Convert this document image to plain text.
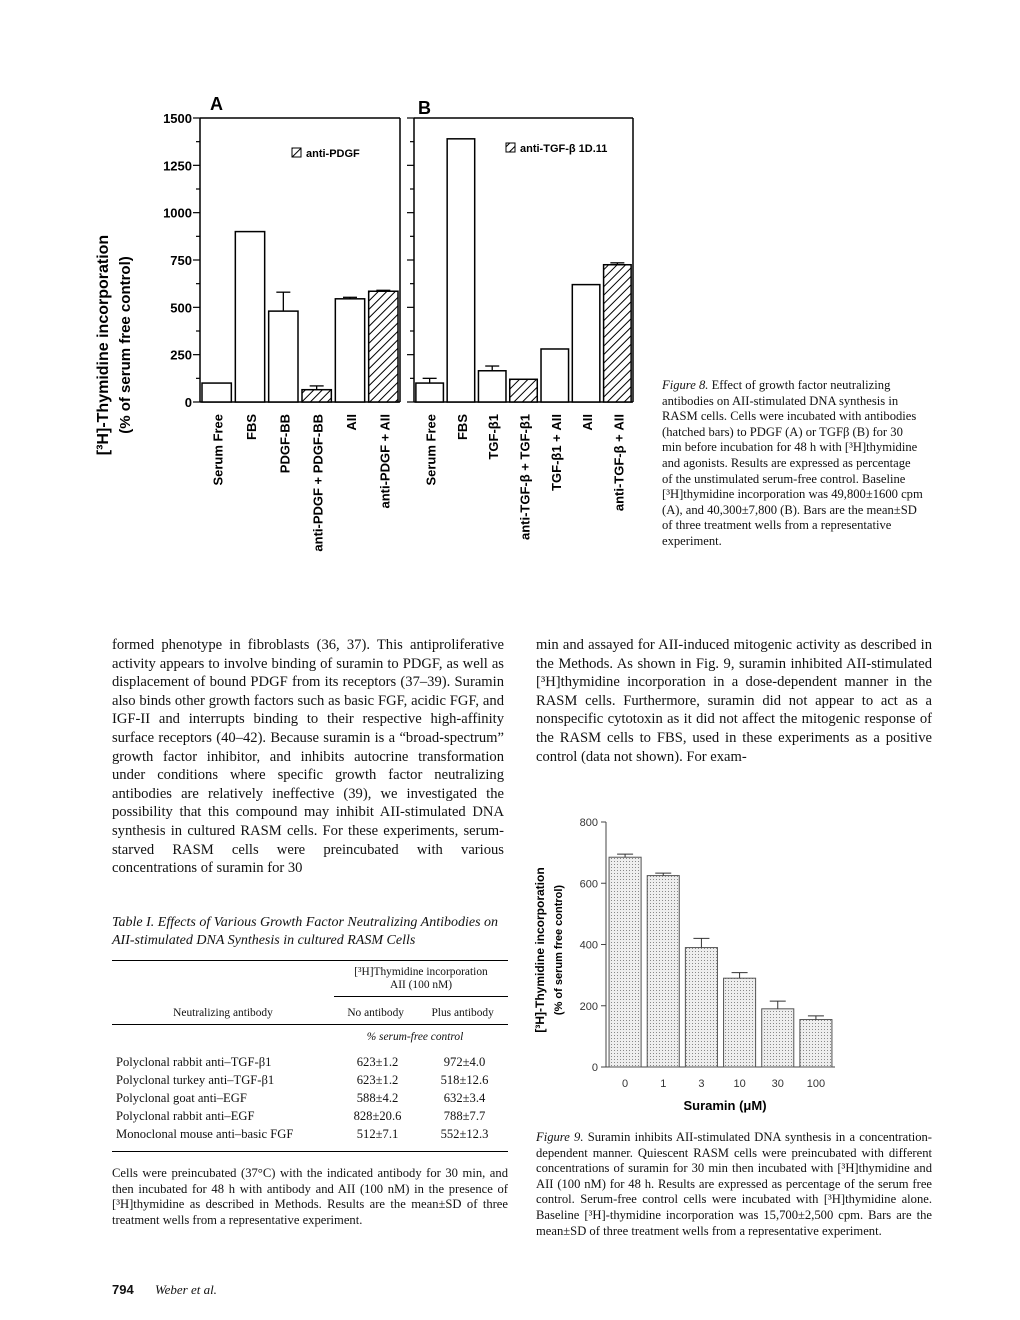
[³H]-Thymidine incorporation (% of serum free control)	0
250
500
750
1000
1250
1500
A	B
Serum Free FBS PDGF-BB anti-PDGF + PDGF-BB AII anti-PDGF + AII Serum Free FBS TGF-β1 anti-TGF-β + TGF-β1 TGF-β1 + AII AII anti-TGF-β + AII
anti-PDGF	anti-TGF-β 1D.11
Figure 8. Effect of growth factor neutralizing antibodies on AII-stimulated DNA synthesis in RASM cells. Cells were incubated with antibodies (hatched bars) to PDGF (A) or TGFβ (B) for 30 min before incubation for 48 h with [³H]thymidine and agonists. Results are expressed as percentage of the unstimulated serum-free control. Baseline [³H]thymidine incorporation was 49,800±1600 cpm (A), and 40,300±7,800 (B). Bars are the mean±SD of three treatment wells from a representative experiment.

formed phenotype in fibroblasts (36, 37). This antiproliferative activity appears to involve binding of suramin to PDGF, as well as displacement of bound PDGF from its receptors (37–39). Suramin also binds other growth factors such as basic FGF, acidic FGF, and IGF-II and interrupts binding to their respective high-affinity surface receptors (40–42). Because suramin is a “broad-spectrum” growth factor inhibitor, and inhibits autocrine transformation under conditions where specific growth factor neutralizing antibodies are relatively ineffective (39), we investigated the possibility that this compound may inhibit AII-stimulated DNA synthesis in cultured RASM cells. For these experiments, serum-starved RASM cells were preincubated with various concentrations of suramin for 30

min and assayed for AII-induced mitogenic activity as described in the Methods. As shown in Fig. 9, suramin inhibited AII-stimulated [³H]thymidine incorporation in a dose-dependent manner in the RASM cells. Furthermore, suramin did not appear to act as a nonspecific cytotoxin as it did not affect the mitogenic response of the RASM cells to FBS, used in these experiments as a positive control (data not shown). For exam-

Table I. Effects of Various Growth Factor Neutralizing Antibodies on AII-stimulated DNA Synthesis in cultured RASM Cells

	[³H]Thymidine incorporation
AII (100 nM)	

Neutralizing antibody	No antibody	Plus antibody
% serum-free control
Polyclonal rabbit anti–TGF-β1	623±1.2	972±4.0
Polyclonal turkey anti–TGF-β1	623±1.2	518±12.6
Polyclonal goat anti–EGF	588±4.2	632±3.4
Polyclonal rabbit anti–EGF	828±20.6	788±7.7
Monoclonal mouse anti–basic FGF	512±7.1	552±12.3
Cells were preincubated (37°C) with the indicated antibody for 30 min, and then incubated for 48 h with antibody and AII (100 nM) in the presence of [³H]thymidine as described in Methods. Results are the mean±SD of three treatment wells from a representative experiment.
[³H]-Thymidine incorporation (% of serum free control)
0
200
400
600
800
0	1	3	10 30 100
Suramin (μM)
Figure 9. Suramin inhibits AII-stimulated DNA synthesis in a concentration-dependent manner. Quiescent RASM cells were preincubated with different concentrations of suramin for 30 min then incubated with [³H]thymidine and AII (100 nM) for 48 h. Results are expressed as percentage of the serum free control. Serum-free control cells were incubated with [³H]thymidine alone. Baseline [³H]-thymidine incorporation was 15,700±2,500 cpm. Bars are the mean±SD of three treatment wells from a representative experiment.
794 Weber et al.
